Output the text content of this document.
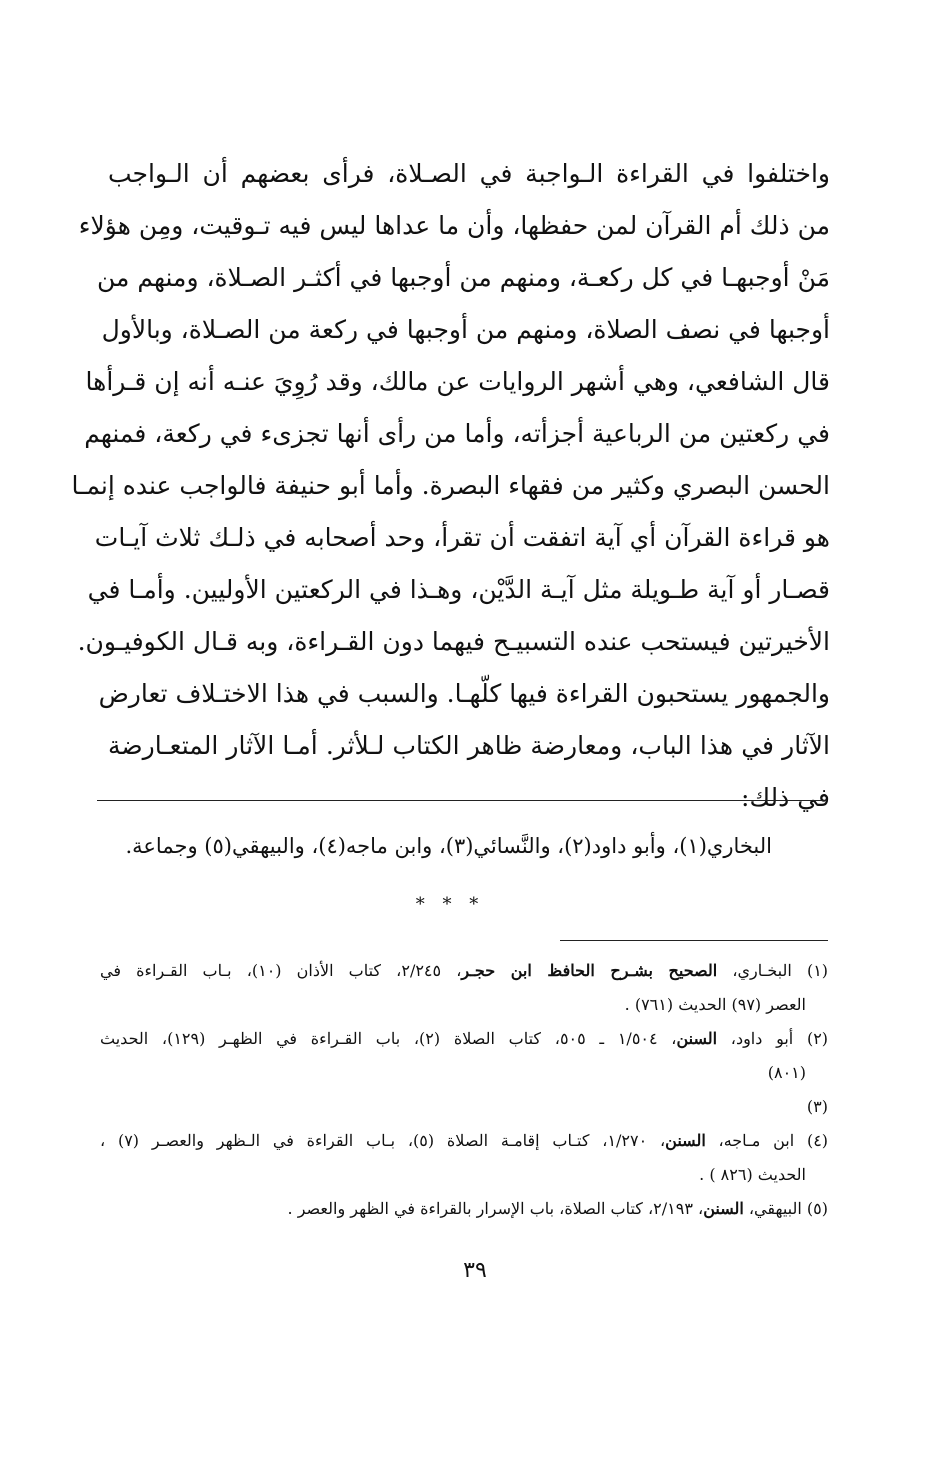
واختلفوا في القراءة الـواجبة في الصـلاة، فرأى بعضهم أن الـواجب
من ذلك أم القرآن لمن حفظها، وأن ما عداها ليس فيه تـوقيت، ومِن هؤلاء
مَنْ أوجبهـا في كل ركعـة، ومنهم من أوجبها في أكثـر الصـلاة، ومنهم من
أوجبها في نصف الصلاة، ومنهم من أوجبها في ركعة من الصـلاة، وبالأول
قال الشافعي، وهي أشهر الروايات عن مالك، وقد رُوِيَ عنـه أنه إن قـرأها
في ركعتين من الرباعية أجزأته، وأما من رأى أنها تجزىء في ركعة، فمنهم
الحسن البصري وكثير من فقهاء البصرة. وأما أبو حنيفة فالواجب عنده إنمـا
هو قراءة القرآن أي آية اتفقت أن تقرأ، وحد أصحابه في ذلـك ثلاث آيـات
قصـار أو آية طـويلة مثل آيـة الدَّيْن، وهـذا في الركعتين الأوليين. وأمـا في
الأخيرتين فيستحب عنده التسبيـح فيهما دون القـراءة، وبه قـال الكوفيـون.
والجمهور يستحبون القراءة فيها كلّهـا. والسبب في هذا الاختـلاف تعارض
الآثار في هذا الباب، ومعارضة ظاهر الكتاب لـلأثر. أمـا الآثار المتعـارضة
في ذلك:
البخاري(١)، وأبو داود(٢)، والنَّسائي(٣)، وابن ماجه(٤)، والبيهقي(٥) وجماعة.
* * *
(١) البخـاري، الصحيح بشـرح الحافظ ابن حجـر، ٢/٢٤٥، كتاب الأذان (١٠)، بـاب القـراءة في
العصر (٩٧) الحديث (٧٦١) .
(٢) أبو داود، السنن، ١/٥٠٤ ـ ٥٠٥، كتاب الصلاة (٢)، باب القـراءة في الظهـر (١٢٩)، الحديث
(٨٠١)
(٣)
(٤) ابن مـاجه، السنن، ١/٢٧٠، كتـاب إقامـة الصلاة (٥)، بـاب القراءة في الـظهر والعصـر (٧) ،
الحديث (٨٢٦ ) .
(٥) البيهقي، السنن، ٢/١٩٣، كتاب الصلاة، باب الإسرار بالقراءة في الظهر والعصر .
٣٩
